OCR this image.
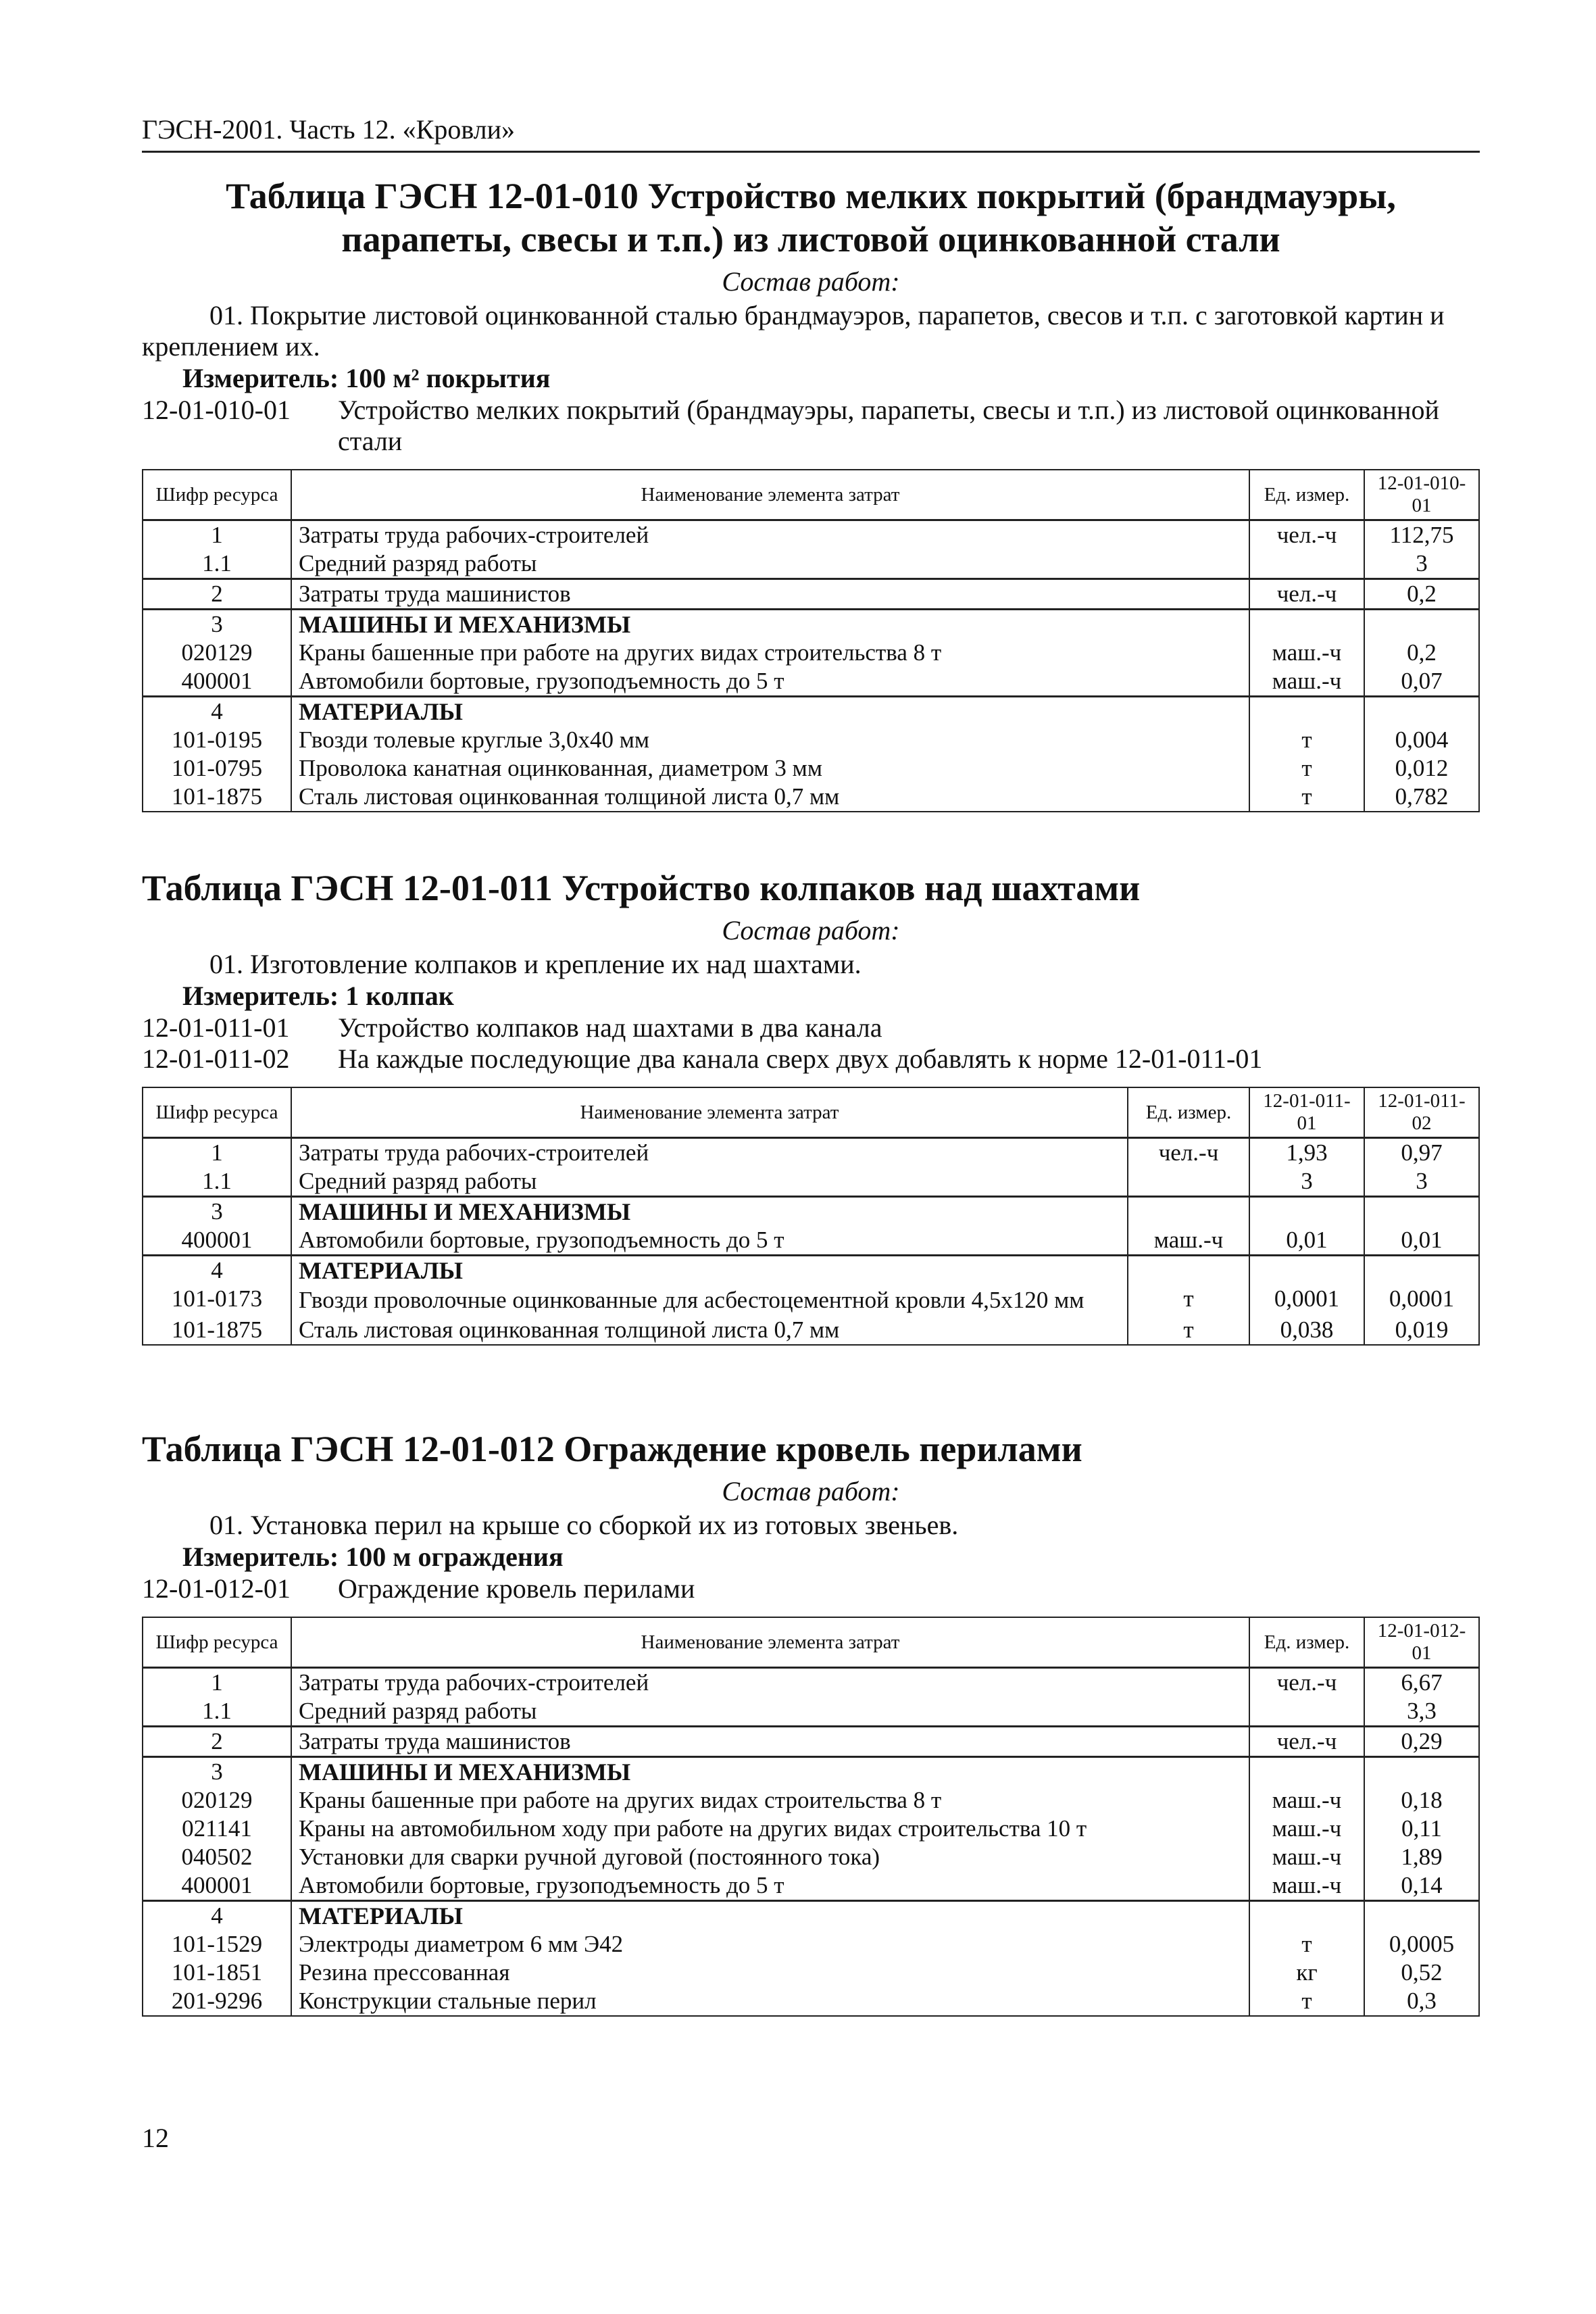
ГЭСН-2001. Часть 12. «Кровли»
Таблица ГЭСН 12-01-010 Устройство мелких покрытий (брандмауэры, парапеты, свесы и т.п.) из листовой оцинкованной стали
Состав работ:
01. Покрытие листовой оцинкованной сталью брандмауэров, парапетов, свесов и т.п. с заготовкой картин и креплением их.
Измеритель: 100 м² покрытия
12-01-010-01	Устройство мелких покрытий (брандмауэры, парапеты, свесы и т.п.) из листовой оцинкованной стали
Шифр ресурса	Наименование элемента затрат	Ед. измер.	12-01-010-01
1	Затраты труда рабочих-строителей	чел.-ч	112,75
1.1	Средний разряд работы		3
2	Затраты труда машинистов	чел.-ч	0,2
3	МАШИНЫ И МЕХАНИЗМЫ		
020129	Краны башенные при работе на других видах строительства 8 т	маш.-ч	0,2
400001	Автомобили бортовые, грузоподъемность до 5 т	маш.-ч	0,07
4	МАТЕРИАЛЫ		
101-0195	Гвозди толевые круглые 3,0х40 мм	т	0,004
101-0795	Проволока канатная оцинкованная, диаметром 3 мм	т	0,012
101-1875	Сталь листовая оцинкованная толщиной листа 0,7 мм	т	0,782
Таблица ГЭСН 12-01-011 Устройство колпаков над шахтами
Состав работ:
01. Изготовление колпаков и крепление их над шахтами.
Измеритель: 1 колпак
12-01-011-01	Устройство колпаков над шахтами в два канала
12-01-011-02	На каждые последующие два канала сверх двух добавлять к норме 12-01-011-01
Шифр ресурса	Наименование элемента затрат	Ед. измер.	12-01-011-01	12-01-011-02
1	Затраты труда рабочих-строителей	чел.-ч	1,93	0,97
1.1	Средний разряд работы		3	3
3	МАШИНЫ И МЕХАНИЗМЫ			
400001	Автомобили бортовые, грузоподъемность до 5 т	маш.-ч	0,01	0,01
4	МАТЕРИАЛЫ			
101-0173	Гвозди проволочные оцинкованные для асбестоцементной кровли 4,5х120 мм	т	0,0001	0,0001
101-1875	Сталь листовая оцинкованная толщиной листа 0,7 мм	т	0,038	0,019
Таблица ГЭСН 12-01-012 Ограждение кровель перилами
Состав работ:
01. Установка перил на крыше со сборкой их из готовых звеньев.
Измеритель: 100 м ограждения
12-01-012-01	Ограждение кровель перилами
Шифр ресурса	Наименование элемента затрат	Ед. измер.	12-01-012-01
1	Затраты труда рабочих-строителей	чел.-ч	6,67
1.1	Средний разряд работы		3,3
2	Затраты труда машинистов	чел.-ч	0,29
3	МАШИНЫ И МЕХАНИЗМЫ		
020129	Краны башенные при работе на других видах строительства 8 т	маш.-ч	0,18
021141	Краны на автомобильном ходу при работе на других видах строительства 10 т	маш.-ч	0,11
040502	Установки для сварки ручной дуговой (постоянного тока)	маш.-ч	1,89
400001	Автомобили бортовые, грузоподъемность до 5 т	маш.-ч	0,14
4	МАТЕРИАЛЫ		
101-1529	Электроды диаметром 6 мм Э42	т	0,0005
101-1851	Резина прессованная	кг	0,52
201-9296	Конструкции стальные перил	т	0,3
12
